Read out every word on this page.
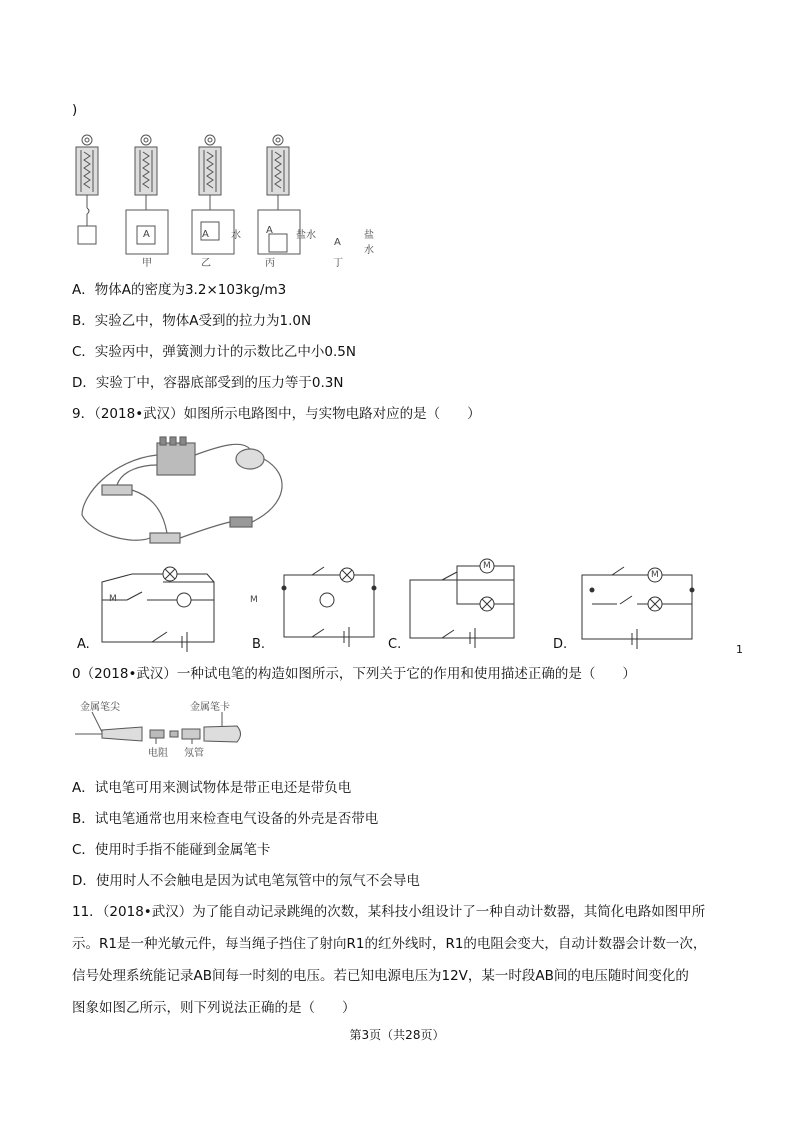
)
A	A	A
A
水	盐水	盐水
甲	乙	丙	丁
A．物体A的密度为3.2×103kg/m3
B．实验乙中，物体A受到的拉力为1.0N
C．实验丙中，弹簧测力计的示数比乙中小0.5N
D．实验丁中，容器底部受到的压力等于0.3N
9．（2018•武汉）如图所示电路图中，与实物电路对应的是（　　）
M	M
M
M
A.	B.	C.	D.	1
0（2018•武汉）一种试电笔的构造如图所示，下列关于它的作用和使用描述正确的是（　　）
金属笔尖	金属笔卡
电阻 氖管
A．试电笔可用来测试物体是带正电还是带负电
B．试电笔通常也用来检查电气设备的外壳是否带电
C．使用时手指不能碰到金属笔卡
D．使用时人不会触电是因为试电笔氖管中的氖气不会导电
11．（2018•武汉）为了能自动记录跳绳的次数，某科技小组设计了一种自动计数器，其简化电路如图甲所
示。R1是一种光敏元件，每当绳子挡住了射向R1的红外线时，R1的电阻会变大，自动计数器会计数一次，
信号处理系统能记录AB间每一时刻的电压。若已知电源电压为12V，某一时段AB间的电压随时间变化的
图象如图乙所示，则下列说法正确的是（　　）
第3页（共28页）
